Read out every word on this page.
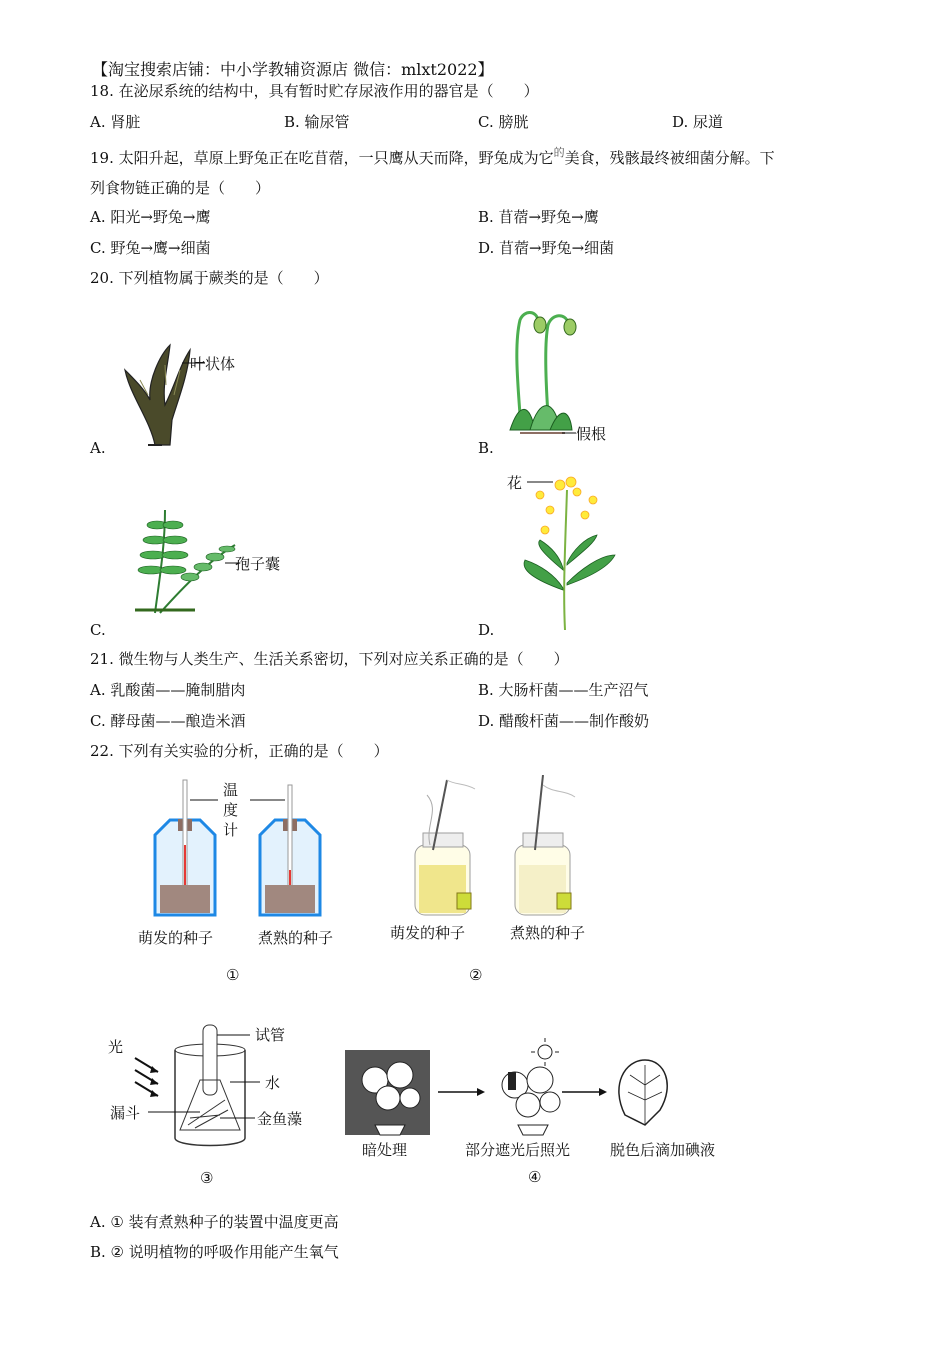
【淘宝搜索店铺：中小学教辅资源店 微信：mlxt2022】
18. 在泌尿系统的结构中，具有暂时贮存尿液作用的器官是（　　）
A. 肾脏	B. 输尿管	C. 膀胱	D. 尿道
19. 太阳升起，草原上野兔正在吃苜蓿，一只鹰从天而降，野兔成为它$^的$美食，残骸最终被细菌分解。下
列食物链正确的是（　　）
A. 阳光→野兔→鹰	B. 苜蓿→野兔→鹰
C. 野兔→鹰→细菌	D. 苜蓿→野兔→细菌
20. 下列植物属于蕨类的是（　　）
叶状体
A.
假根
B.
孢子囊
C.
花
D.
21. 微生物与人类生产、生活关系密切，下列对应关系正确的是（　　）
A. 乳酸菌——腌制腊肉	B. 大肠杆菌——生产沼气
C. 酵母菌——酿造米酒	D. 醋酸杆菌——制作酸奶
22. 下列有关实验的分析，正确的是（　　）
温
度
计
萌发的种子	煮熟的种子
①
萌发的种子	煮熟的种子
②
光
试管
水
漏斗	金鱼藻
③
暗处理	部分遮光后照光	脱色后滴加碘液
④
A. ① 装有煮熟种子的装置中温度更高
B. ② 说明植物的呼吸作用能产生氧气
